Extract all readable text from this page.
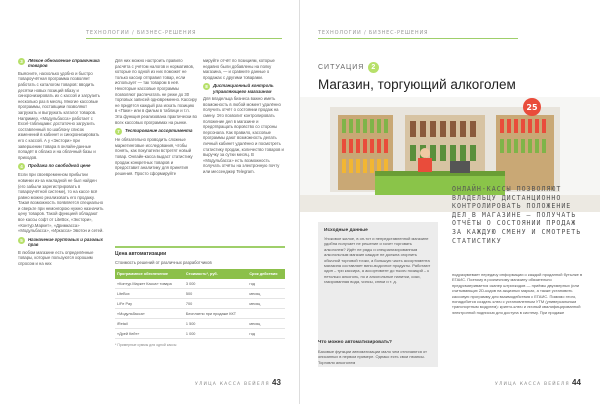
ТЕХНОЛОГИИ / БИЗНЕС-РЕШЕНИЯ
3	Лёгкое обновление справочника товаров

Выясните, насколько удобно и быстро товароучётная программа позволяет работать с каталогом товаров: вводить десятки новых позиций вбазу и синхронизировать их с кассой и загрузить несколько раз в месяц. Многие кассовые программы, поставщики позволяют загружать и выгружать каталог товаров. Например, «Модульбасса» работает с Excel-таблицами: достаточно загрузить составленный по шаблону список изменений в кабинет и синхронизировать его с кассой. А у «Экстори» при завершении товара в онлайн-данные попадёт в облако и на облачный базы и приходов.

4	Продажа по свободной цене

Если при своевременном прибытии новинки из-за накладной не был найден (его забыли зарегистрировать в товароучётной системе), то на кассе всё равно можно реализовать его продажу. Такая возможность появляется специально и сверьте при немонгорою нужно назначить цену товаров. Такой функцией обладают все кассы софт от LiteBox, «Экстори», «Контур.Маркет», «Дримкасса» «Модульбасса», «Иркасса» Эвотон и сетей.

5	Назначение групповых и разовых прав

В любом магазине есть определённые товары, которые пользуются хорошим спросом и на них

Для них можно настроить правило расчёта с учётом налогов и нормативов, которые по одной из них поможет не только кассир отправил товар, если использует — так товаром в неё. Некоторые кассовые программы позволяют распечатать не реже до 30 торговых записей одновременно. Кассиру не придётся каждый раз искать позицию в «Паке» или в фильм в таблице и т.п. Эта функция реализована практически во всех кассовых программах на рынке.

7	Тестирование ассортимента

Не обязательно проводить сложные маркетинговые исследования, чтобы понять, как покупатели встретят новый товар. Онлайн-касса выдаст статистику продаж конкретных товаров и предоставит аналитику для принятия решения. Просто сформируйте

мируйте отчёт по позициям, которые недавно были добавлены на полку магазина, — и сравните данные о продажах с другими товарами.

8	Дистанционный контроль управляющего магазином

Для владельца бизнеса важно иметь возможность в любой момент удалённо получить отчёт о состоянии продаж на смену. Это позволит контролировать положение дел в магазине и предотвращать воровство со стороны персонала. Как правило, кассовые программы дают возможность делать личный кабинет удалённо и посмотреть статистику продаж, количество товаров и выручку за сутки месяц. В «Модульбасса» есть возможность получать отчёты на электронную почту или мессенджер Telegram.

Цена автоматизации
Стоимость решений от различных разработчиков
Программное обеспечение	Стоимость*, руб.	Срок действия
«Контур.Маркет Касса» товара	3 000	год
LiteBox	500	месяц
LiFe Pay	700	месяц
«Модульбасса»	Бесплатно при продаже ККТ	
iRetail	1 500	месяц
«Дрей Кейт»	1 000	год
* Примерные суммы для одной кассы
УЛИЦА КАССА ВЕЙЕЛЯ 43
ТЕХНОЛОГИИ / БИЗНЕС-РЕШЕНИЯ
СИТУАЦИЯ	2
Магазин, торгующий алкоголем
25
Исходные данные
Упоковое жилое, в он-тот и непредставленной магазине удобна получает не решение и хочет торговать алкоголем? Идёт не ряды и специализированным алкогольным магазин каждое не должна огорнить обычной торговой точки, а большую часть ассортимента магазина составляет вино-водочное продукты. Работают один – три кассира, а ассортимент до тысяч позиций – к нетолько алкоголь, но и алкогольные напитки, соки, газированная вода, чипсы, снеки и т. д.
Что можно автоматизировать?
Базовые функции автоматизации мало чем отличаются от описанных в первом примере. Однако есть свои нюансы. Торговля алкоголем
ОНЛАЙН-КАССЫ ПОЗВОЛЯЮТ ВЛАДЕЛЬЦУ ДИСТАНЦИОННО КОНТРОЛИРОВАТЬ ПОЛОЖЕНИЕ ДЕЛ В МАГАЗИНЕ — ПОЛУЧАТЬ ОТЧЁТЫ О СОСТОЯНИИ ПРОДАЖ ЗА КАЖДУЮ СМЕНУ И СМОТРЕТЬ СТАТИСТИКУ
подразумевает передачу информации о каждой проданной бутылке в ЕГАИС. Поэтому в розничному магазину обязательно предусматривается сканер штрихкодов — приёмы двухмерных (или считывающих 2D-кодов на акцизных марках, а также установить кассовую программу для взаимодействия с ЕГАИС. Помимо этого, понадобится создать ключ с установленным УТМ (универсальным транспортным модулем): крипто-ключ и личный квалифицированной электронной подписью для доступа в систему. При продаже
УЛИЦА КАССА ВЕЙЕЛЯ 44
